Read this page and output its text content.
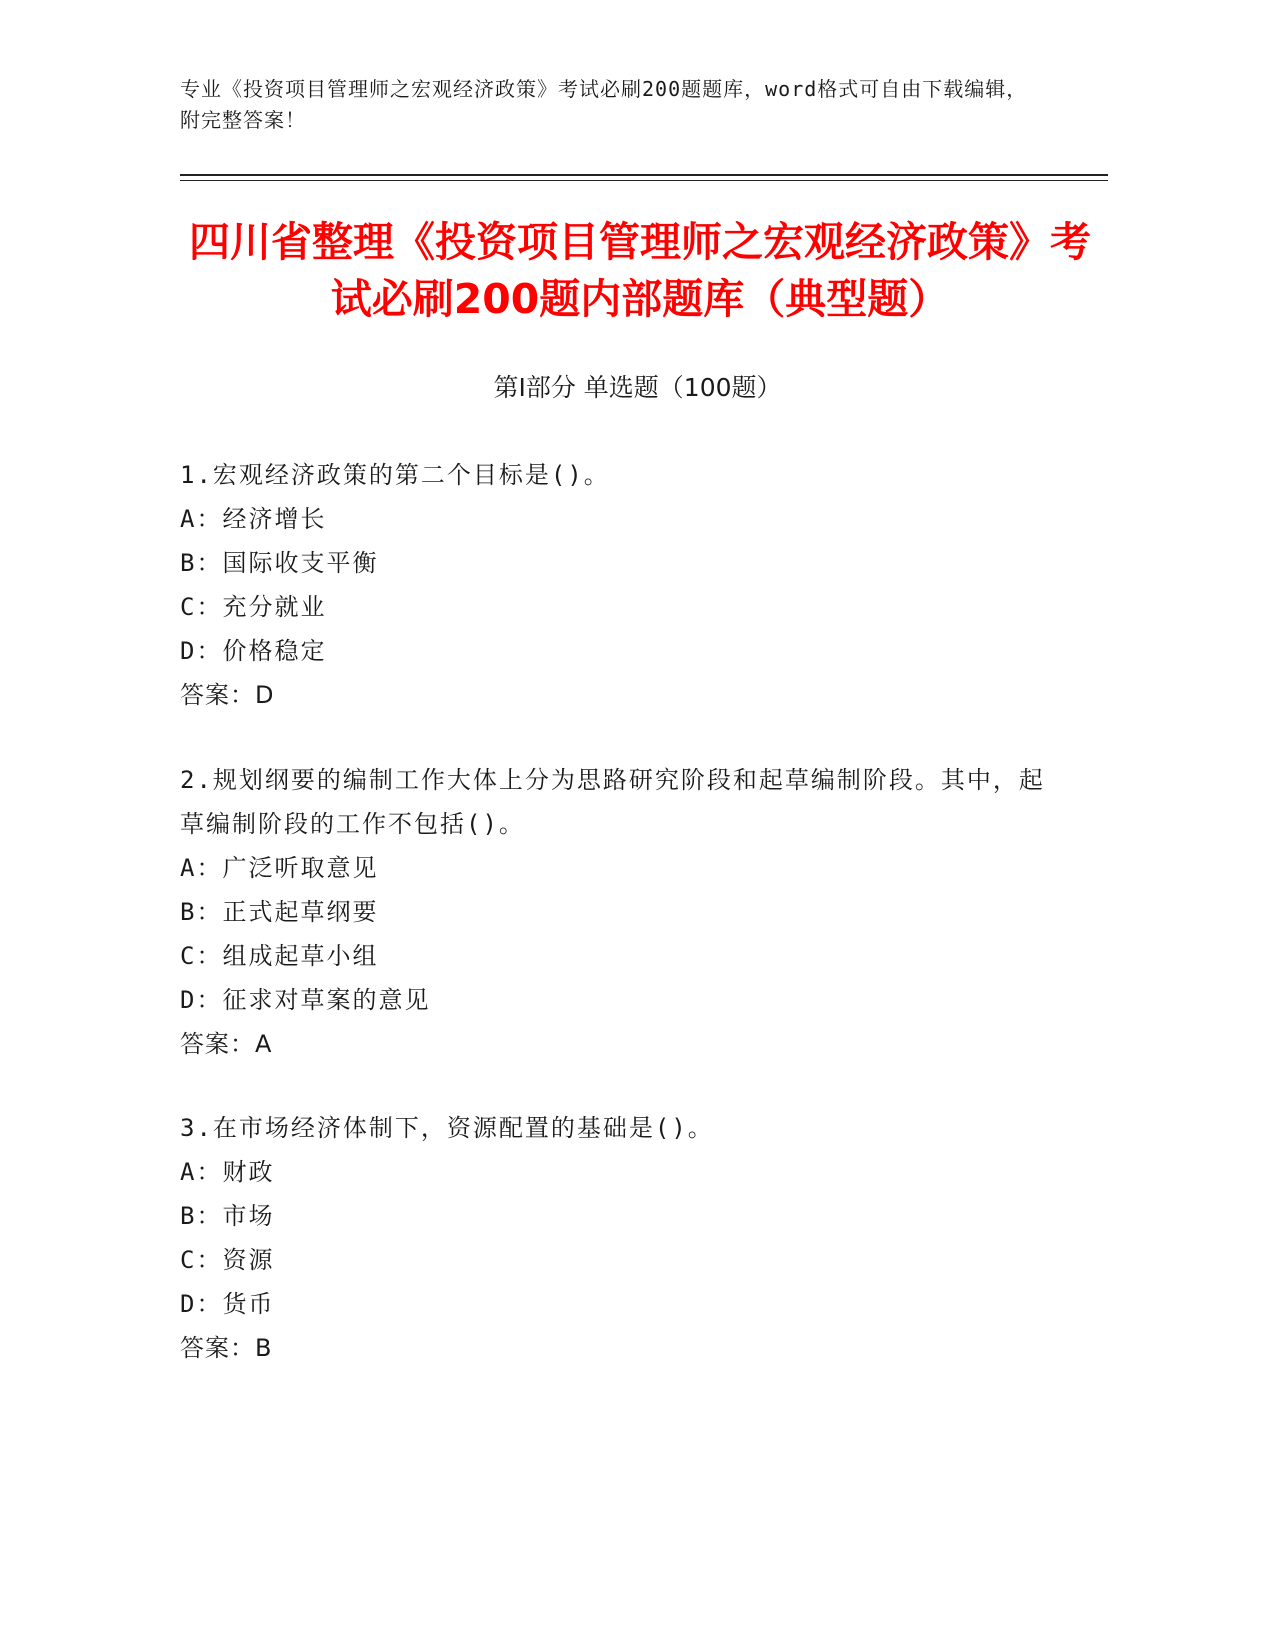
专业《投资项目管理师之宏观经济政策》考试必刷200题题库，word格式可自由下载编辑，附完整答案！
四川省整理《投资项目管理师之宏观经济政策》考试必刷200题内部题库（典型题）
第I部分 单选题（100题）

1.宏观经济政策的第二个目标是()。

A：经济增长

B：国际收支平衡

C：充分就业

D：价格稳定

答案：D

2.规划纲要的编制工作大体上分为思路研究阶段和起草编制阶段。其中，起草编制阶段的工作不包括()。

A：广泛听取意见

B：正式起草纲要

C：组成起草小组

D：征求对草案的意见

答案：A

3.在市场经济体制下，资源配置的基础是()。

A：财政

B：市场

C：资源

D：货币

答案：B
